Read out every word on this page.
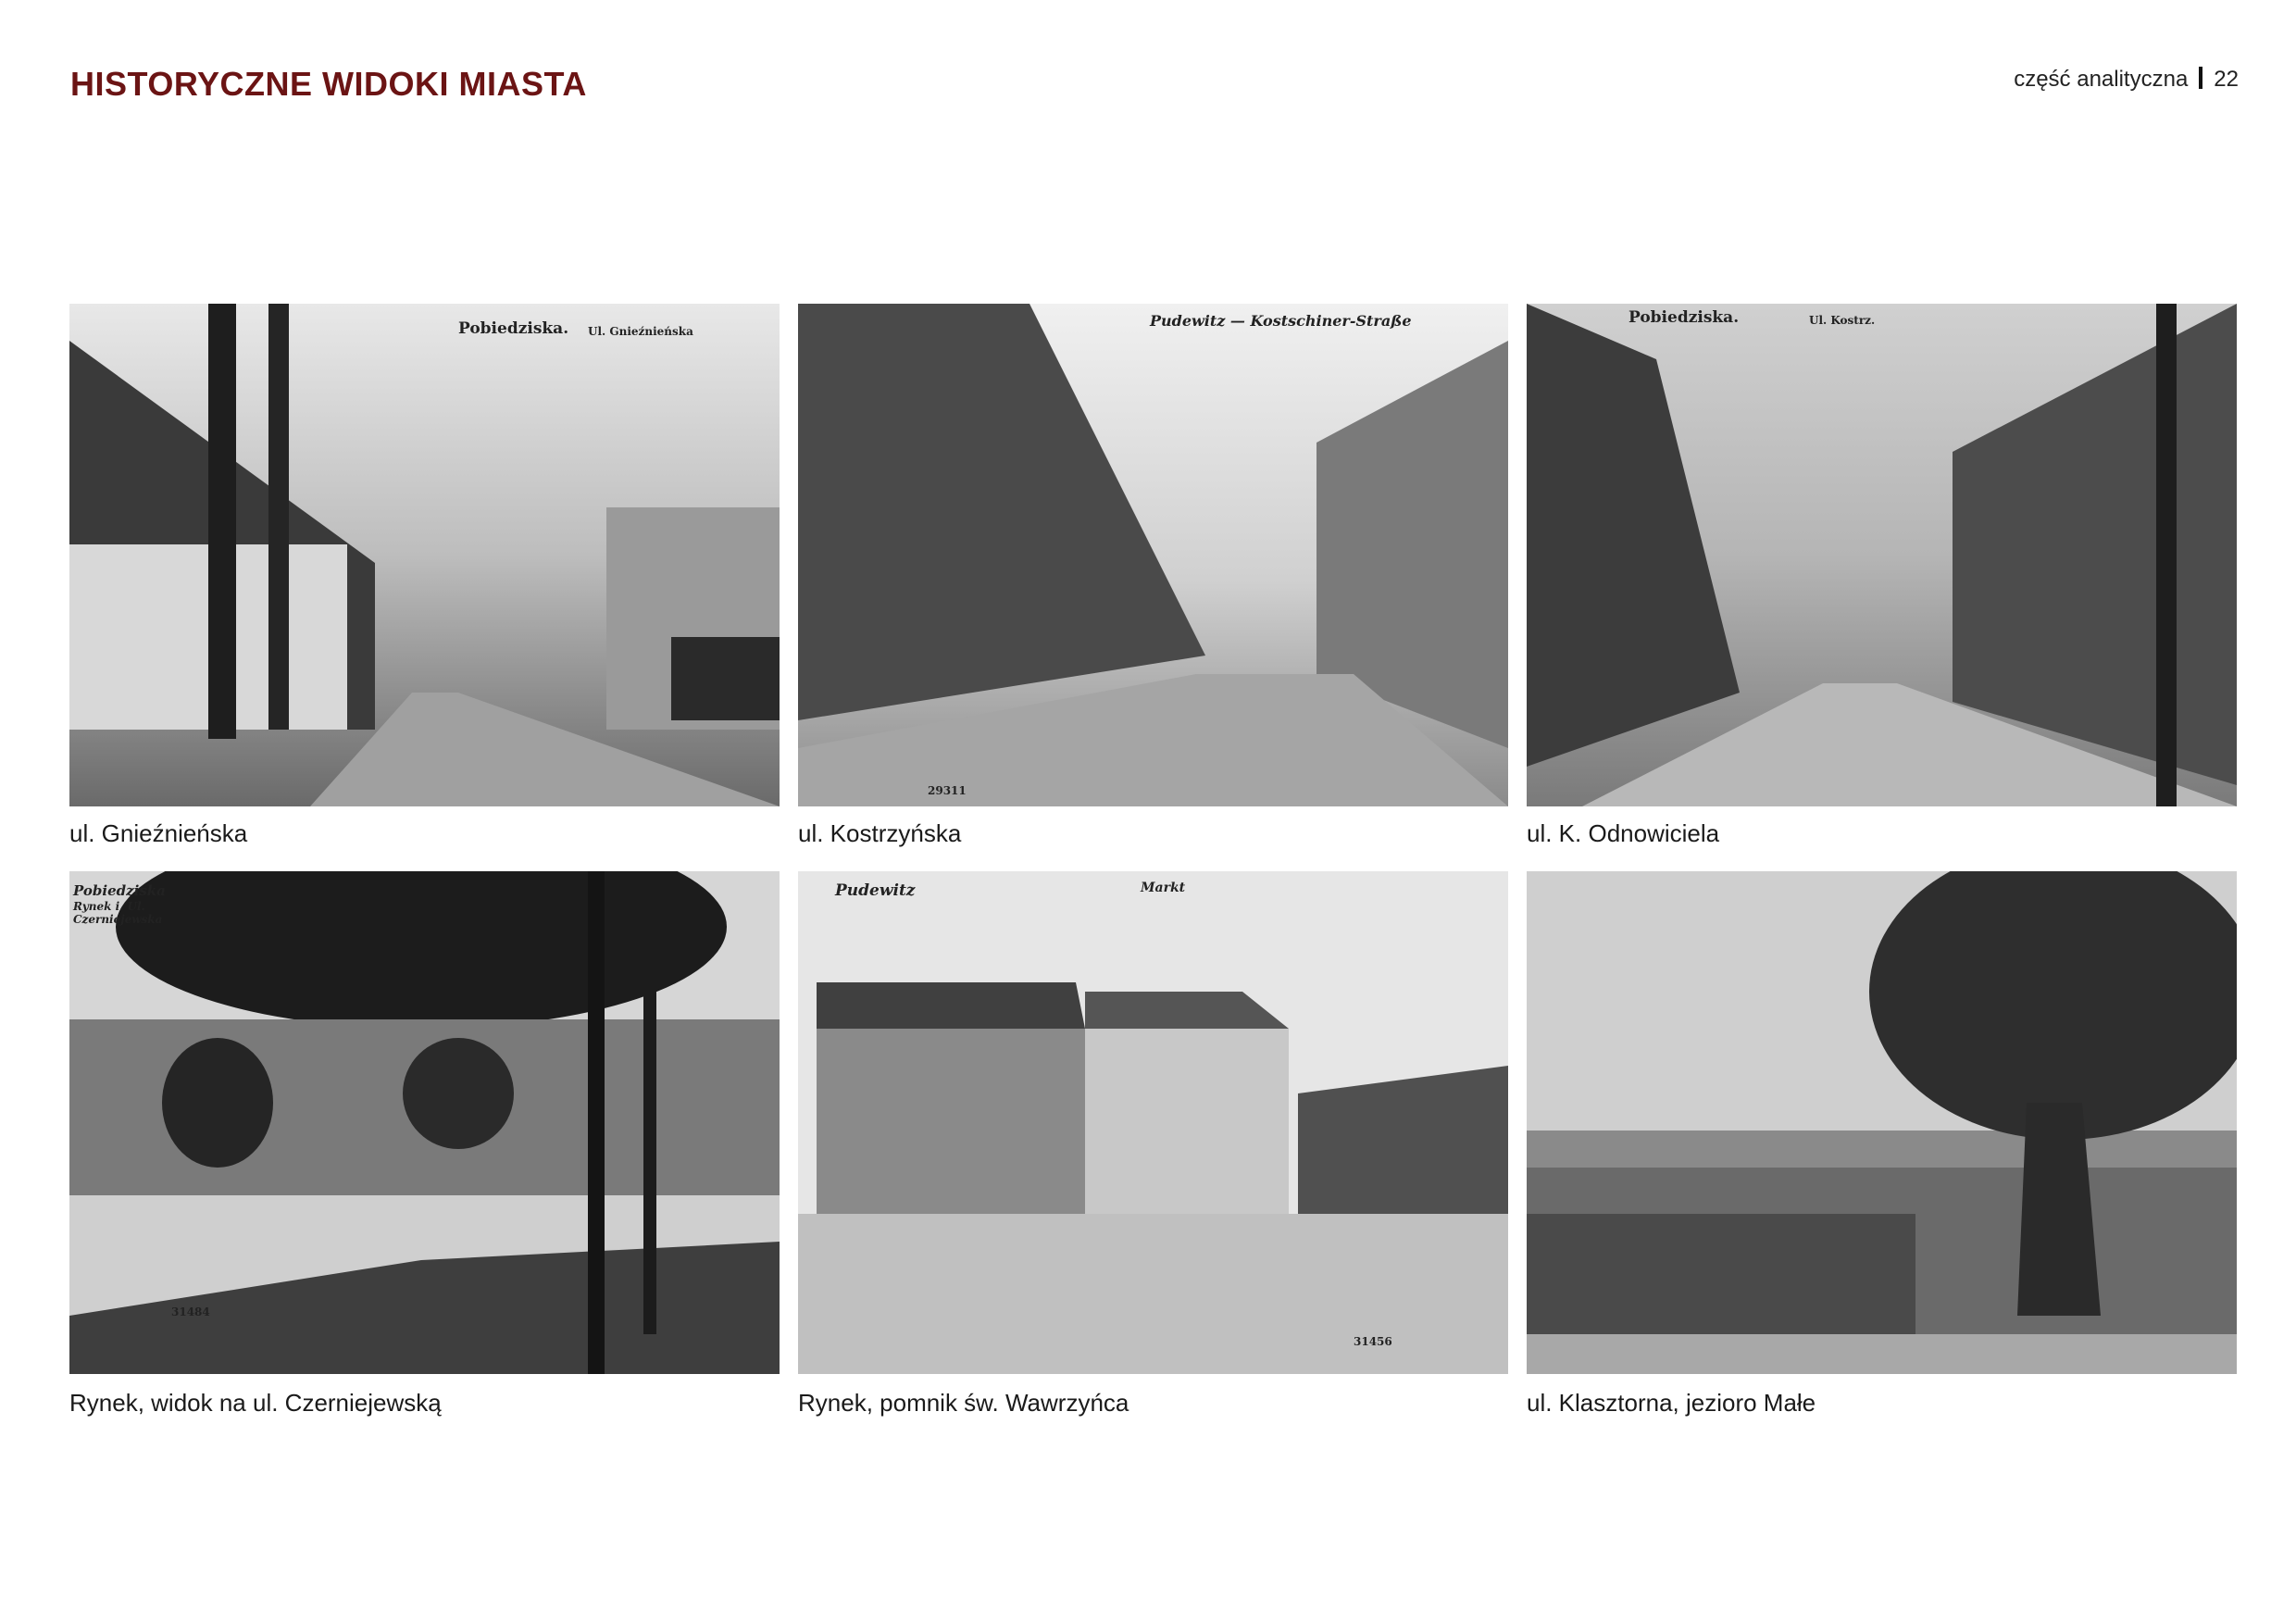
HISTORYCZNE WIDOKI MIASTA	część analityczna 22
Pobiedziska. Ul. Gnieźnieńska
ul. Gnieźnieńska
Pudewitz — Kostschiner-Straße
29311
ul. Kostrzyńska
Pobiedziska.	Ul. Kostrz.
ul. K. Odnowiciela
Pobiedziska
Rynek i. Ul.
Czerniejewska
31484
Rynek, widok na ul. Czerniejewską
Pudewitz	Markt
31456
Rynek, pomnik św. Wawrzyńca	ul. Klasztorna, jezioro Małe
